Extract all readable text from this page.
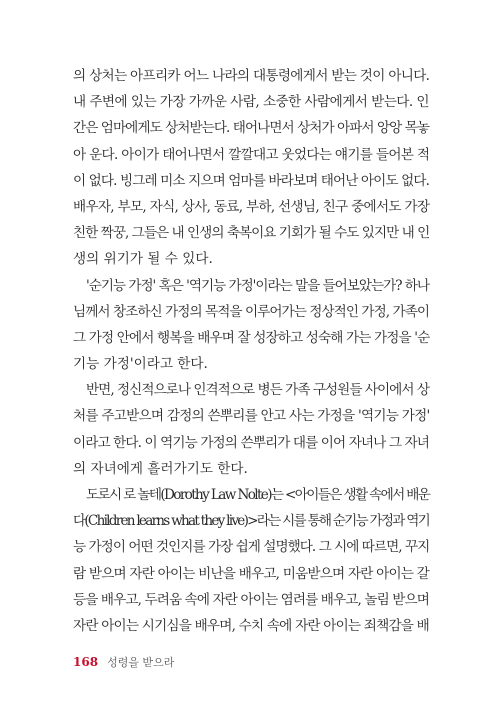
의 상처는 아프리카 어느 나라의 대통령에게서 받는 것이 아니다.
내 주변에 있는 가장 가까운 사람, 소중한 사람에게서 받는다. 인
간은 엄마에게도 상처받는다. 태어나면서 상처가 아파서 앙앙 목놓
아 운다. 아이가 태어나면서 깔깔대고 웃었다는 얘기를 들어본 적
이 없다. 빙그레 미소 지으며 엄마를 바라보며 태어난 아이도 없다.
배우자, 부모, 자식, 상사, 동료, 부하, 선생님, 친구 중에서도 가장
친한 짝꿍, 그들은 내 인생의 축복이요 기회가 될 수도 있지만 내 인
생의 위기가 될 수 있다.
'순기능 가정' 혹은 '역기능 가정'이라는 말을 들어보았는가? 하나
님께서 창조하신 가정의 목적을 이루어가는 정상적인 가정, 가족이
그 가정 안에서 행복을 배우며 잘 성장하고 성숙해 가는 가정을 '순
기능 가정'이라고 한다.
반면, 정신적으로나 인격적으로 병든 가족 구성원들 사이에서 상
처를 주고받으며 감정의 쓴뿌리를 안고 사는 가정을 '역기능 가정'
이라고 한다. 이 역기능 가정의 쓴뿌리가 대를 이어 자녀나 그 자녀
의 자녀에게 흘러가기도 한다.
도로시 로 놀테(Dorothy Law Nolte)는 <아이들은 생활 속에서 배운
다(Children learns what they live)>라는 시를 통해 순기능 가정과 역기
능 가정이 어떤 것인지를 가장 쉽게 설명했다. 그 시에 따르면, 꾸지
람 받으며 자란 아이는 비난을 배우고, 미움받으며 자란 아이는 갈
등을 배우고, 두려움 속에 자란 아이는 염려를 배우고, 놀림 받으며
자란 아이는 시기심을 배우며, 수치 속에 자란 아이는 죄책감을 배
168 성령을 받으라
